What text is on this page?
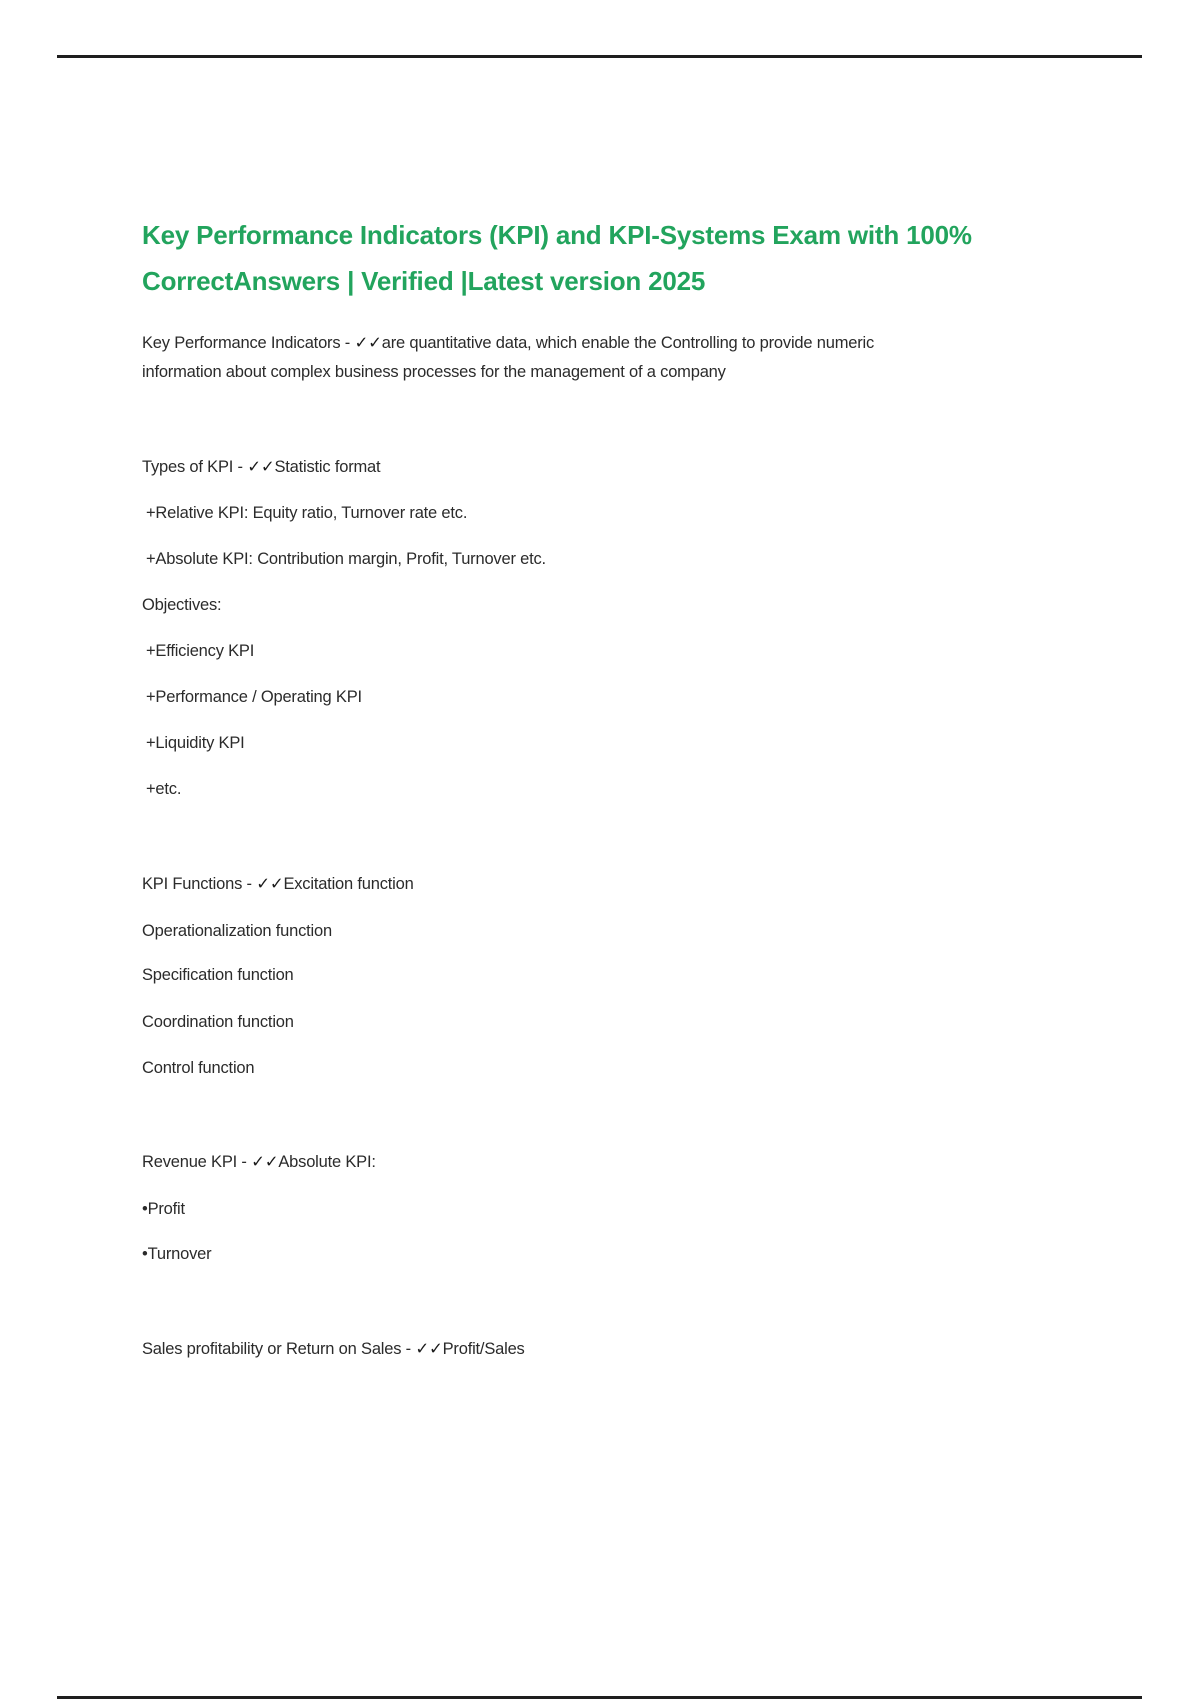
Key Performance Indicators (KPI) and KPI-Systems Exam with 100%
CorrectAnswers | Verified |Latest version 2025

Key Performance Indicators - ✓✓are quantitative data, which enable the Controlling to provide numeric

information about complex business processes for the management of a company

Types of KPI - ✓✓Statistic format

+Relative KPI: Equity ratio, Turnover rate etc.

+Absolute KPI: Contribution margin, Profit, Turnover etc.

Objectives:

+Efficiency KPI

+Performance / Operating KPI

+Liquidity KPI

+etc.

KPI Functions - ✓✓Excitation function

Operationalization function

Specification function

Coordination function

Control function

Revenue KPI - ✓✓Absolute KPI:

•Profit

•Turnover

Sales profitability or Return on Sales - ✓✓Profit/Sales
